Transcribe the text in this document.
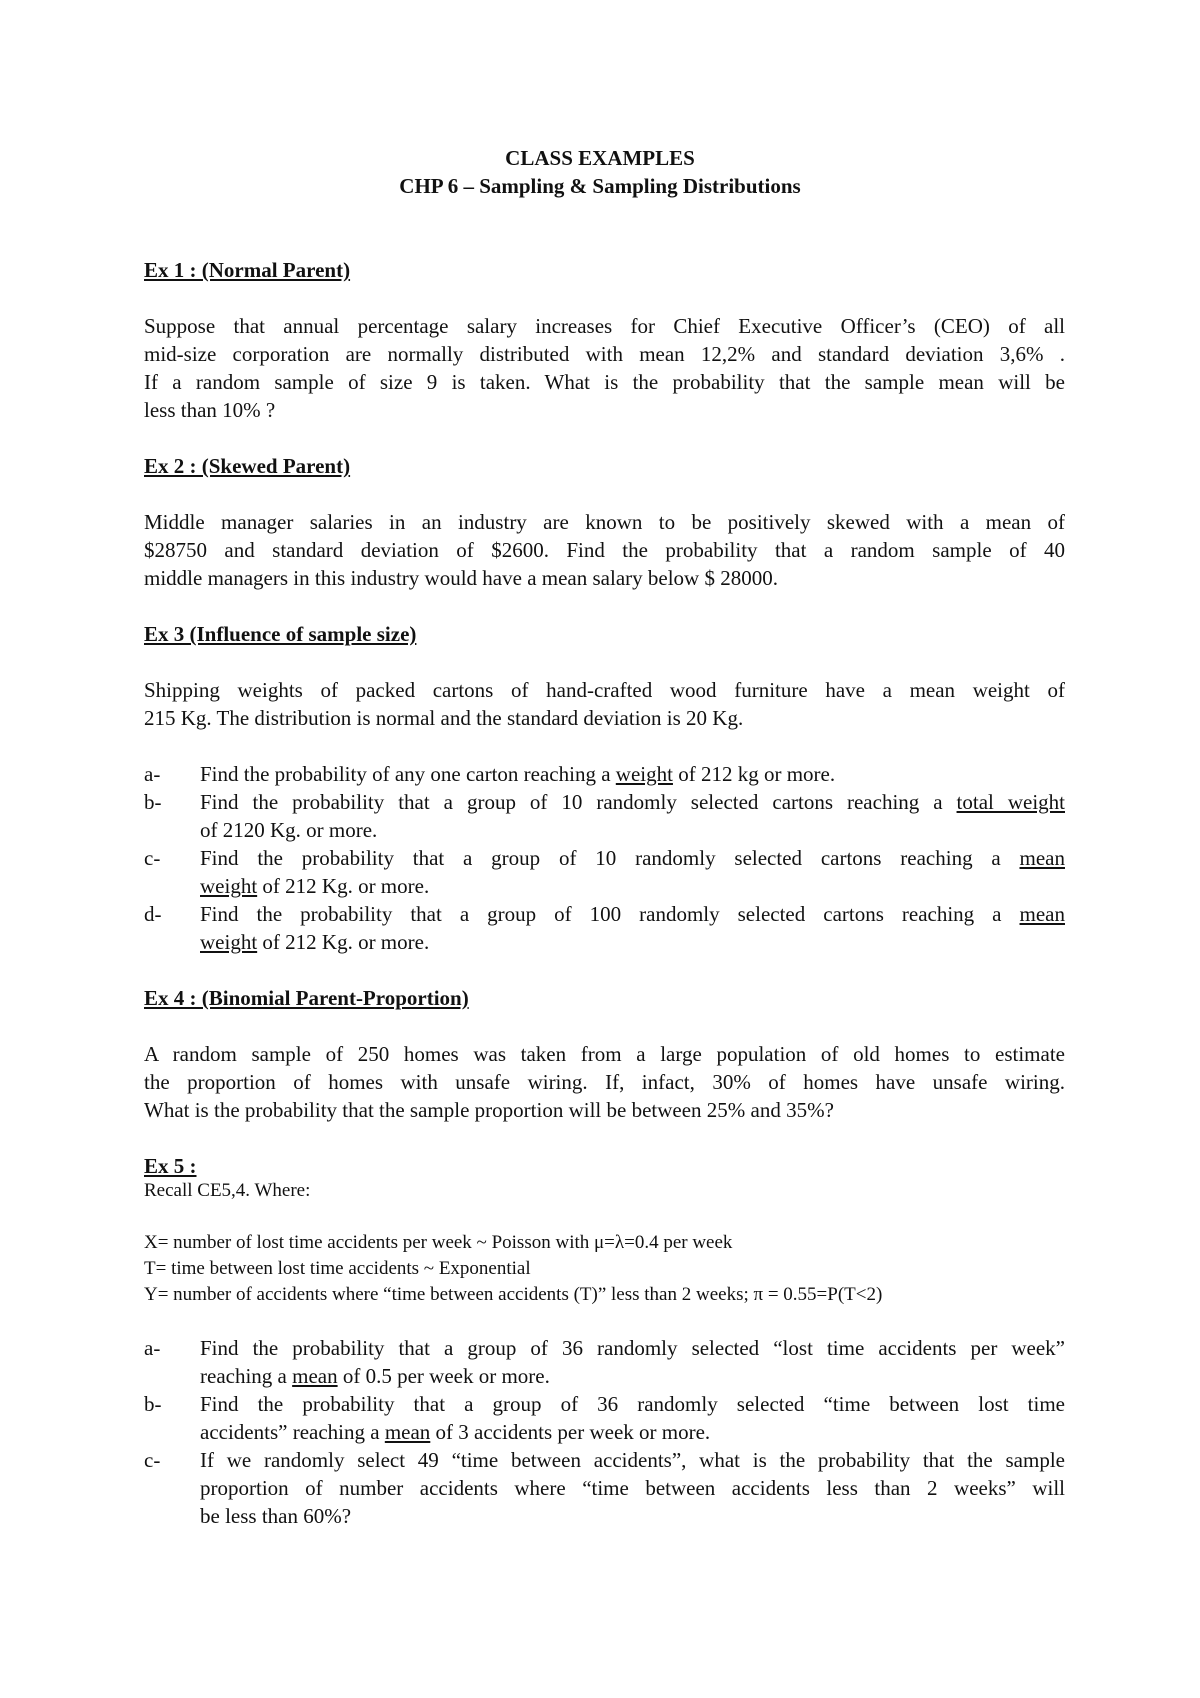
CLASS EXAMPLES
CHP 6 – Sampling & Sampling Distributions
Ex 1 : (Normal Parent)
Suppose that annual percentage salary increases for Chief Executive Officer’s (CEO) of all
mid-size corporation are normally distributed with mean 12,2% and standard deviation 3,6% .
If a random sample of size 9 is taken. What is the probability that the sample mean will be
less than 10% ?
Ex 2 : (Skewed Parent)
Middle manager salaries in an industry are known to be positively skewed with a mean of
$28750 and standard deviation of $2600. Find the probability that a random sample of 40
middle managers in this industry would have a mean salary below $ 28000.
Ex 3 (Influence of sample size)
Shipping weights of packed cartons of hand-crafted wood furniture have a mean weight of
215 Kg. The distribution is normal and the standard deviation is 20 Kg.
a- Find the probability of any one carton reaching a weight of 212 kg or more.
b- Find the probability that a group of 10 randomly selected cartons reaching a total weight
of 2120 Kg. or more.
c- Find the probability that a group of 10 randomly selected cartons reaching a mean
weight of 212 Kg. or more.
d- Find the probability that a group of 100 randomly selected cartons reaching a mean
weight of 212 Kg. or more.
Ex 4 : (Binomial Parent-Proportion)
A random sample of 250 homes was taken from a large population of old homes to estimate
the proportion of homes with unsafe wiring. If, infact, 30% of homes have unsafe wiring.
What is the probability that the sample proportion will be between 25% and 35%?
Ex 5 :
Recall CE5,4. Where:
X= number of lost time accidents per week ~ Poisson with μ=λ=0.4 per week
T= time between lost time accidents ~ Exponential
Y= number of accidents where “time between accidents (T)” less than 2 weeks; π = 0.55=P(T<2)
a- Find the probability that a group of 36 randomly selected “lost time accidents per week”
reaching a mean of 0.5 per week or more.
b- Find the probability that a group of 36 randomly selected “time between lost time
accidents” reaching a mean of 3 accidents per week or more.
c- If we randomly select 49 “time between accidents”, what is the probability that the sample
proportion of number accidents where “time between accidents less than 2 weeks” will
be less than 60%?
